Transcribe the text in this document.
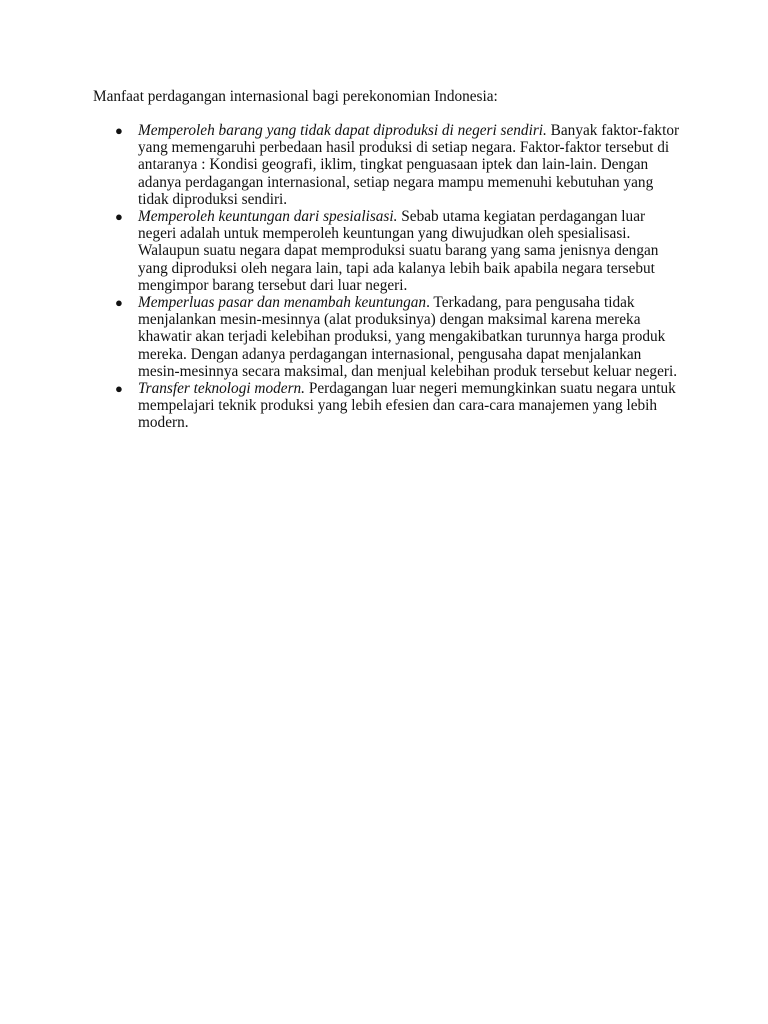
Manfaat perdagangan internasional bagi perekonomian Indonesia:
● Memperoleh barang yang tidak dapat diproduksi di negeri sendiri. Banyak faktor-faktor yang memengaruhi perbedaan hasil produksi di setiap negara. Faktor-faktor tersebut di antaranya : Kondisi geografi, iklim, tingkat penguasaan iptek dan lain-lain. Dengan adanya perdagangan internasional, setiap negara mampu memenuhi kebutuhan yang tidak diproduksi sendiri.
● Memperoleh keuntungan dari spesialisasi. Sebab utama kegiatan perdagangan luar negeri adalah untuk memperoleh keuntungan yang diwujudkan oleh spesialisasi. Walaupun suatu negara dapat memproduksi suatu barang yang sama jenisnya dengan yang diproduksi oleh negara lain, tapi ada kalanya lebih baik apabila negara tersebut mengimpor barang tersebut dari luar negeri.
● Memperluas pasar dan menambah keuntungan. Terkadang, para pengusaha tidak menjalankan mesin-mesinnya (alat produksinya) dengan maksimal karena mereka khawatir akan terjadi kelebihan produksi, yang mengakibatkan turunnya harga produk mereka. Dengan adanya perdagangan internasional, pengusaha dapat menjalankan mesin-mesinnya secara maksimal, dan menjual kelebihan produk tersebut keluar negeri.
● Transfer teknologi modern. Perdagangan luar negeri memungkinkan suatu negara untuk mempelajari teknik produksi yang lebih efesien dan cara-cara manajemen yang lebih modern.
